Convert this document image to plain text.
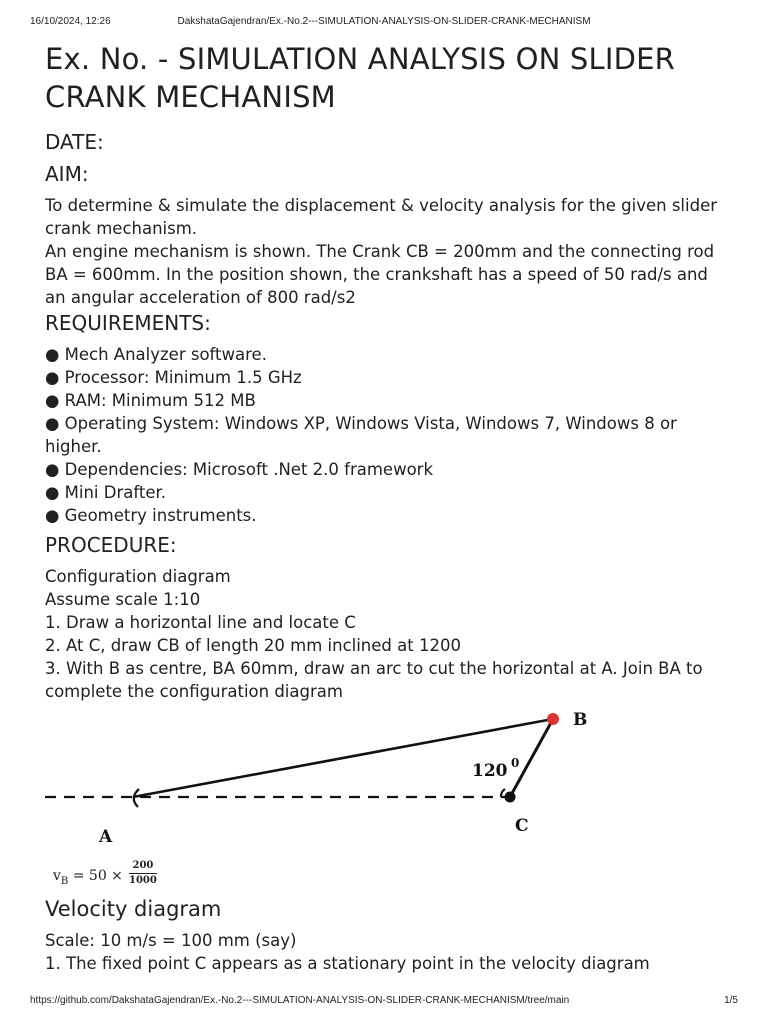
16/10/2024, 12:26	DakshataGajendran/Ex.-No.2---SIMULATION-ANALYSIS-ON-SLIDER-CRANK-MECHANISM
Ex. No. - SIMULATION ANALYSIS ON SLIDER
CRANK MECHANISM
DATE:
AIM:

To determine & simulate the displacement & velocity analysis for the given slider crank mechanism.

An engine mechanism is shown. The Crank CB = 200mm and the connecting rod BA = 600mm. In the position shown, the crankshaft has a speed of 50 rad/s and an angular acceleration of 800 rad/s2

REQUIREMENTS:
● Mech Analyzer software.
● Processor: Minimum 1.5 GHz
● RAM: Minimum 512 MB
● Operating System: Windows XP, Windows Vista, Windows 7, Windows 8 or higher.
● Dependencies: Microsoft .Net 2.0 framework
● Mini Drafter.
● Geometry instruments.
PROCEDURE:
Configuration diagram
Assume scale 1:10
1. Draw a horizontal line and locate C
2. At C, draw CB of length 20 mm inclined at 1200
3. With B as centre, BA 60mm, draw an arc to cut the horizontal at A. Join BA to complete the configuration diagram
B
C
A
120 0
$v_B = 50 \times \frac{200}{1000}$
Velocity diagram
Scale: 10 m/s = 100 mm (say)
1. The fixed point C appears as a stationary point in the velocity diagram
https://github.com/DakshataGajendran/Ex.-No.2---SIMULATION-ANALYSIS-ON-SLIDER-CRANK-MECHANISM/tree/main	1/5
